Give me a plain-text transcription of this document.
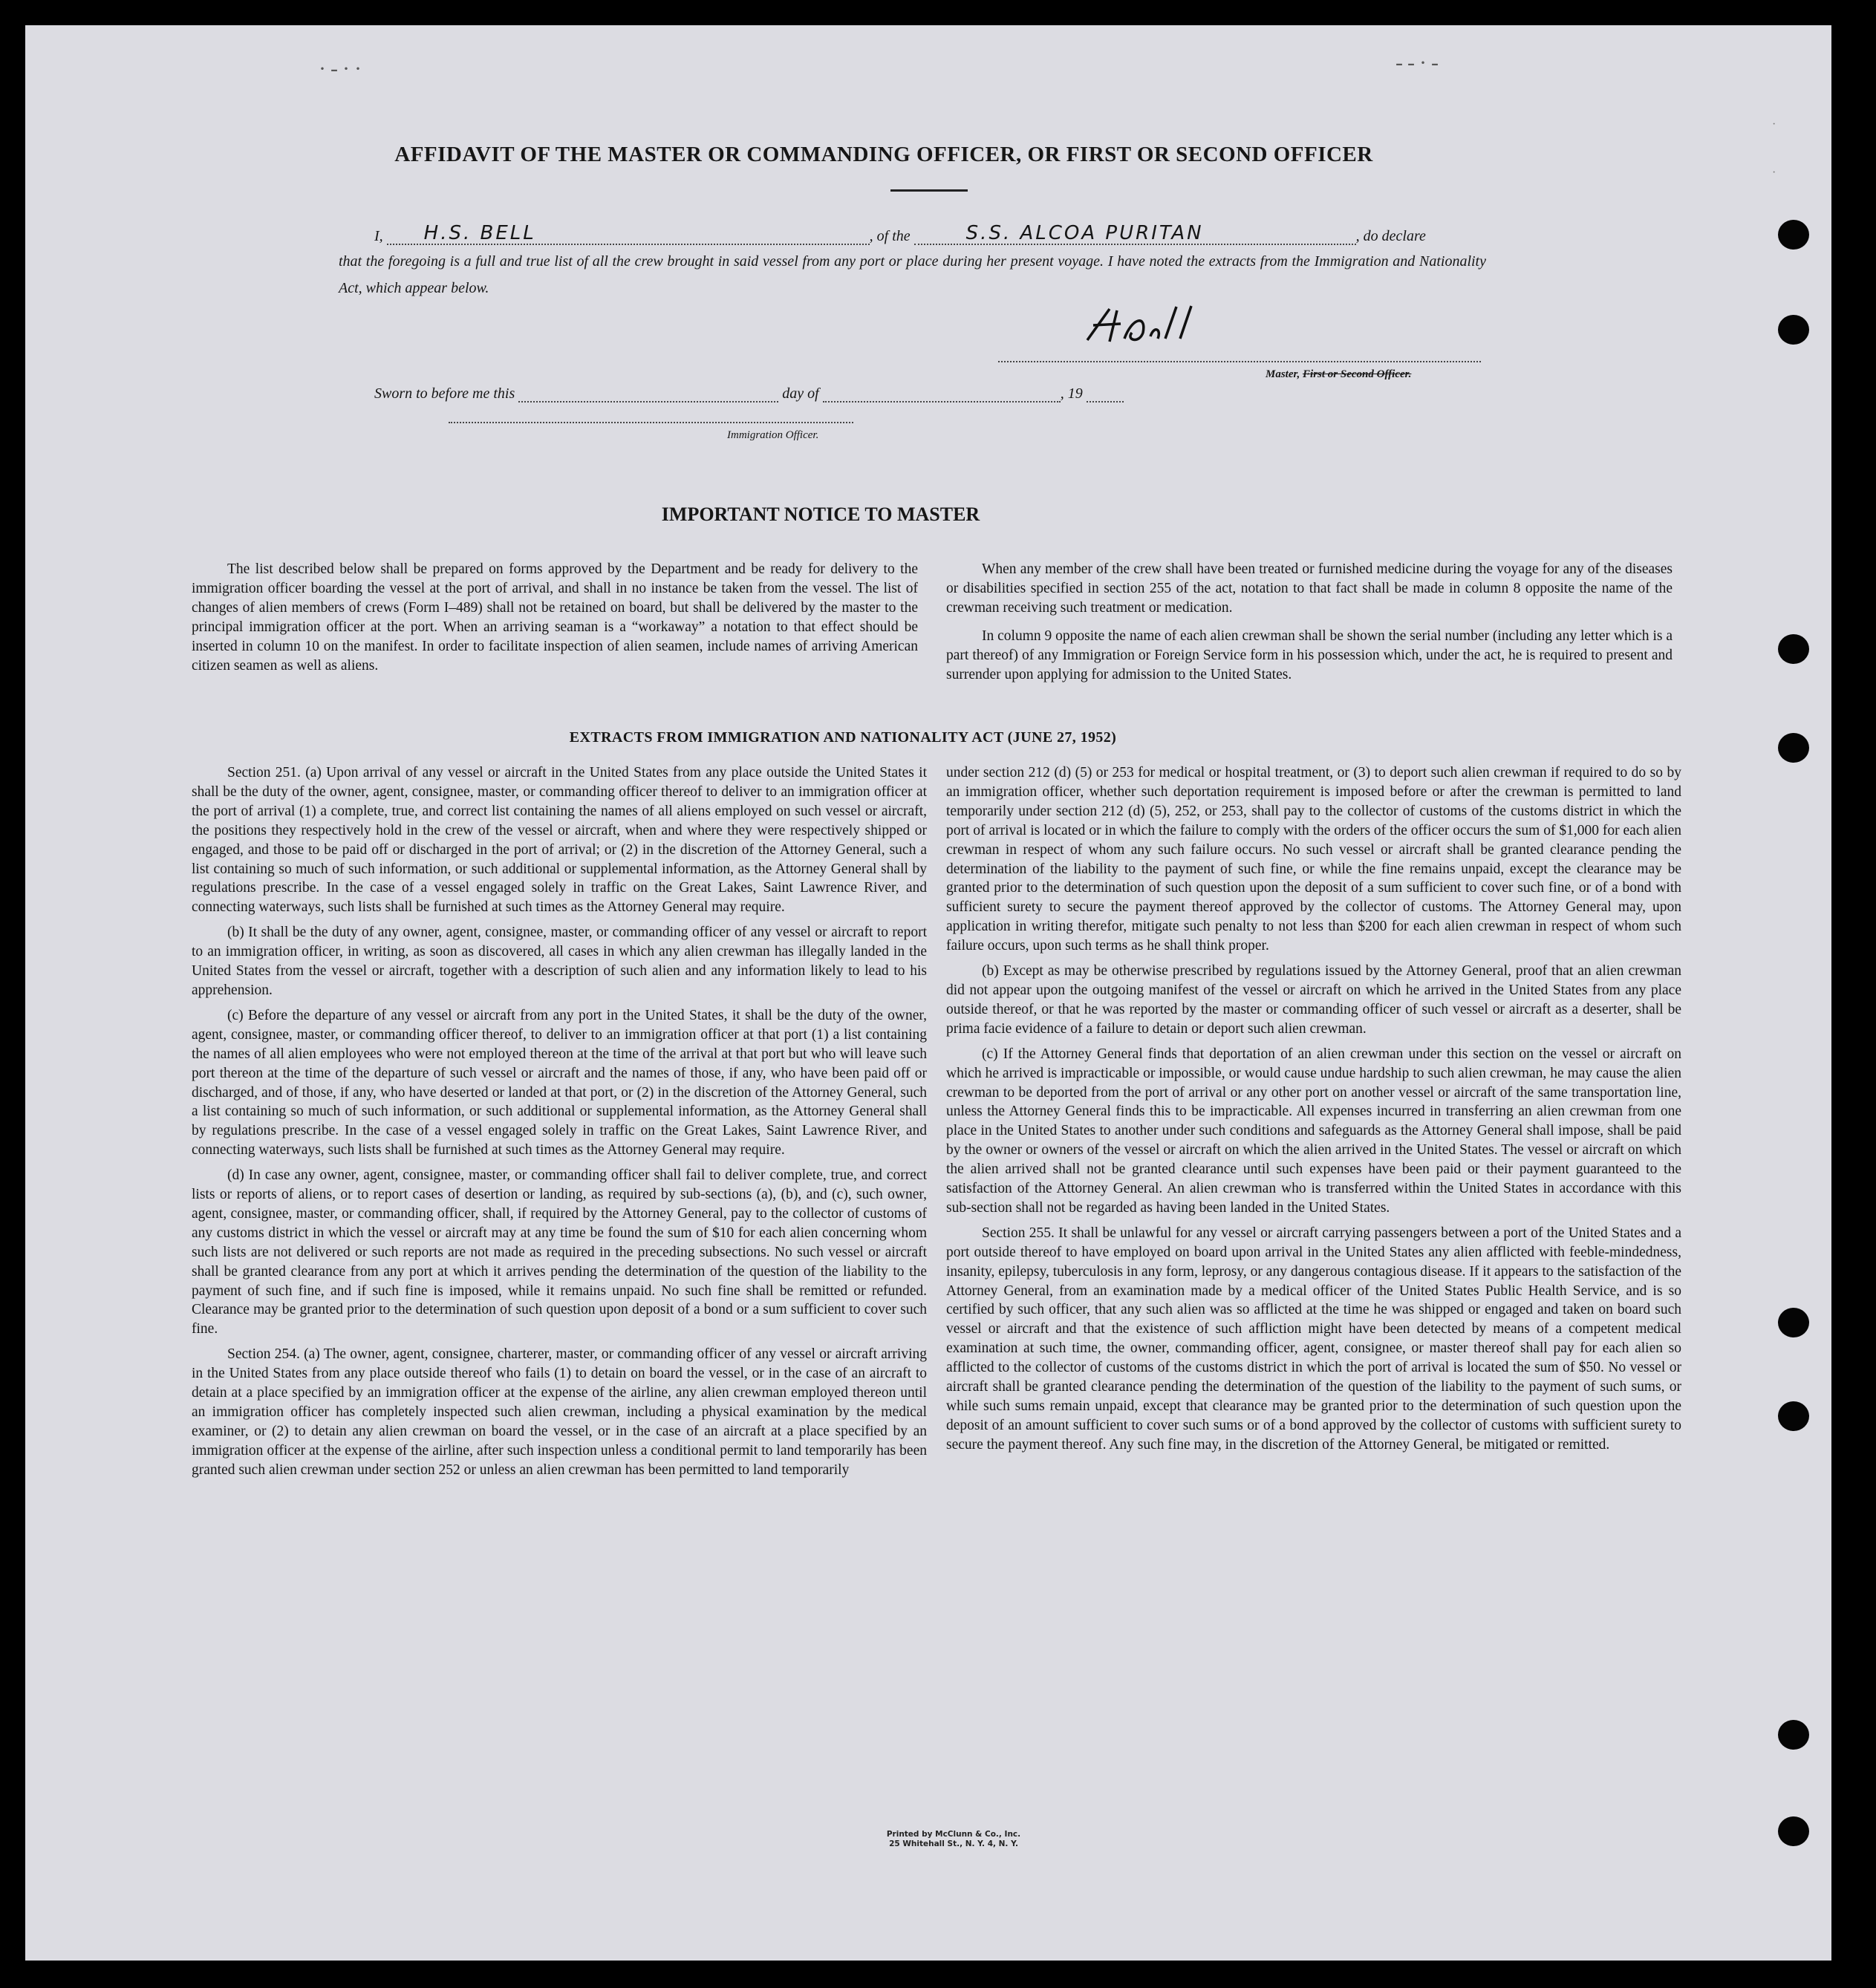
·‐··	‐‐·‐
·
·
AFFIDAVIT OF THE MASTER OR COMMANDING OFFICER, OR FIRST OR SECOND OFFICER
I, H.S. BELL	, of the	S.S. ALCOA PURITAN	, do declare
that the foregoing is a full and true list of all the crew brought in said vessel from any port or place during her present voyage. I have noted the extracts from the Immigration and Nationality Act, which appear below.
Master, First or Second Officer.
Sworn to before me this	day of	, 19
Immigration Officer.
IMPORTANT NOTICE TO MASTER

The list described below shall be prepared on forms approved by the Department and be ready for delivery to the immigration officer boarding the vessel at the port of arrival, and shall in no instance be taken from the vessel. The list of changes of alien members of crews (Form I–489) shall not be retained on board, but shall be delivered by the master to the principal immigration officer at the port. When an arriving seaman is a “workaway” a notation to that effect should be inserted in column 10 on the manifest. In order to facilitate inspection of alien seamen, include names of arriving American citizen seamen as well as aliens.

When any member of the crew shall have been treated or furnished medicine during the voyage for any of the diseases or disabilities specified in section 255 of the act, notation to that fact shall be made in column 8 opposite the name of the crewman receiving such treatment or medication.

In column 9 opposite the name of each alien crewman shall be shown the serial number (including any letter which is a part thereof) of any Immigration or Foreign Service form in his possession which, under the act, he is required to present and surrender upon applying for admission to the United States.

EXTRACTS FROM IMMIGRATION AND NATIONALITY ACT (JUNE 27, 1952)

Section 251. (a) Upon arrival of any vessel or aircraft in the United States from any place outside the United States it shall be the duty of the owner, agent, consignee, master, or commanding officer thereof to deliver to an immigration officer at the port of arrival (1) a complete, true, and correct list containing the names of all aliens employed on such vessel or aircraft, the positions they respectively hold in the crew of the vessel or aircraft, when and where they were respectively shipped or engaged, and those to be paid off or discharged in the port of arrival; or (2) in the discretion of the Attorney General, such a list containing so much of such information, or such additional or supplemental information, as the Attorney General shall by regulations prescribe. In the case of a vessel engaged solely in traffic on the Great Lakes, Saint Lawrence River, and connecting waterways, such lists shall be furnished at such times as the Attorney General may require.

(b) It shall be the duty of any owner, agent, consignee, master, or commanding officer of any vessel or aircraft to report to an immigration officer, in writing, as soon as discovered, all cases in which any alien crewman has illegally landed in the United States from the vessel or aircraft, together with a description of such alien and any information likely to lead to his apprehension.

(c) Before the departure of any vessel or aircraft from any port in the United States, it shall be the duty of the owner, agent, consignee, master, or commanding officer thereof, to deliver to an immigration officer at that port (1) a list containing the names of all alien employees who were not employed thereon at the time of the arrival at that port but who will leave such port thereon at the time of the departure of such vessel or aircraft and the names of those, if any, who have been paid off or discharged, and of those, if any, who have deserted or landed at that port, or (2) in the discretion of the Attorney General, such a list containing so much of such information, or such additional or supplemental information, as the Attorney General shall by regulations prescribe. In the case of a vessel engaged solely in traffic on the Great Lakes, Saint Lawrence River, and connecting waterways, such lists shall be furnished at such times as the Attorney General may require.

(d) In case any owner, agent, consignee, master, or commanding officer shall fail to deliver complete, true, and correct lists or reports of aliens, or to report cases of desertion or landing, as required by sub-sections (a), (b), and (c), such owner, agent, consignee, master, or commanding officer, shall, if required by the Attorney General, pay to the collector of customs of any customs district in which the vessel or aircraft may at any time be found the sum of $10 for each alien concerning whom such lists are not delivered or such reports are not made as required in the preceding subsections. No such vessel or aircraft shall be granted clearance from any port at which it arrives pending the determination of the question of the liability to the payment of such fine, and if such fine is imposed, while it remains unpaid. No such fine shall be remitted or refunded. Clearance may be granted prior to the determination of such question upon deposit of a bond or a sum sufficient to cover such fine.

Section 254. (a) The owner, agent, consignee, charterer, master, or commanding officer of any vessel or aircraft arriving in the United States from any place outside thereof who fails (1) to detain on board the vessel, or in the case of an aircraft to detain at a place specified by an immigration officer at the expense of the airline, any alien crewman employed thereon until an immigration officer has completely inspected such alien crewman, including a physical examination by the medical examiner, or (2) to detain any alien crewman on board the vessel, or in the case of an aircraft at a place specified by an immigration officer at the expense of the airline, after such inspection unless a conditional permit to land temporarily has been granted such alien crewman under section 252 or unless an alien crewman has been permitted to land temporarily

under section 212 (d) (5) or 253 for medical or hospital treatment, or (3) to deport such alien crewman if required to do so by an immigration officer, whether such deportation requirement is imposed before or after the crewman is permitted to land temporarily under section 212 (d) (5), 252, or 253, shall pay to the collector of customs of the customs district in which the port of arrival is located or in which the failure to comply with the orders of the officer occurs the sum of $1,000 for each alien crewman in respect of whom any such failure occurs. No such vessel or aircraft shall be granted clearance pending the determination of the liability to the payment of such fine, or while the fine remains unpaid, except the clearance may be granted prior to the determination of such question upon the deposit of a sum sufficient to cover such fine, or of a bond with sufficient surety to secure the payment thereof approved by the collector of customs. The Attorney General may, upon application in writing therefor, mitigate such penalty to not less than $200 for each alien crewman in respect of whom such failure occurs, upon such terms as he shall think proper.

(b) Except as may be otherwise prescribed by regulations issued by the Attorney General, proof that an alien crewman did not appear upon the outgoing manifest of the vessel or aircraft on which he arrived in the United States from any place outside thereof, or that he was reported by the master or commanding officer of such vessel or aircraft as a deserter, shall be prima facie evidence of a failure to detain or deport such alien crewman.

(c) If the Attorney General finds that deportation of an alien crewman under this section on the vessel or aircraft on which he arrived is impracticable or impossible, or would cause undue hardship to such alien crewman, he may cause the alien crewman to be deported from the port of arrival or any other port on another vessel or aircraft of the same transportation line, unless the Attorney General finds this to be impracticable. All expenses incurred in transferring an alien crewman from one place in the United States to another under such conditions and safeguards as the Attorney General shall impose, shall be paid by the owner or owners of the vessel or aircraft on which the alien arrived in the United States. The vessel or aircraft on which the alien arrived shall not be granted clearance until such expenses have been paid or their payment guaranteed to the satisfaction of the Attorney General. An alien crewman who is transferred within the United States in accordance with this sub-section shall not be regarded as having been landed in the United States.

Section 255. It shall be unlawful for any vessel or aircraft carrying passengers between a port of the United States and a port outside thereof to have employed on board upon arrival in the United States any alien afflicted with feeble-mindedness, insanity, epilepsy, tuberculosis in any form, leprosy, or any dangerous contagious disease. If it appears to the satisfaction of the Attorney General, from an examination made by a medical officer of the United States Public Health Service, and is so certified by such officer, that any such alien was so afflicted at the time he was shipped or engaged and taken on board such vessel or aircraft and that the existence of such affliction might have been detected by means of a competent medical examination at such time, the owner, commanding officer, agent, consignee, or master thereof shall pay for each alien so afflicted to the collector of customs of the customs district in which the port of arrival is located the sum of $50. No vessel or aircraft shall be granted clearance pending the determination of the question of the liability to the payment of such sums, or while such sums remain unpaid, except that clearance may be granted prior to the determination of such question upon the deposit of an amount sufficient to cover such sums or of a bond approved by the collector of customs with sufficient surety to secure the payment thereof. Any such fine may, in the discretion of the Attorney General, be mitigated or remitted.

Printed by McClunn & Co., Inc.
25 Whitehall St., N. Y. 4, N. Y.
